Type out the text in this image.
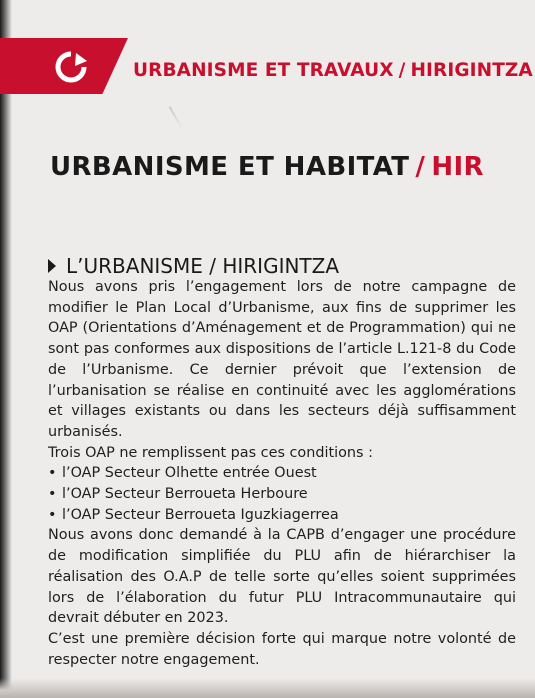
URBANISME ET TRAVAUX / HIRIGINTZA
URBANISME ET HABITAT / HIR
L’URBANISME / HIRIGINTZA

Nous avons pris l’engagement lors de notre campagne de modifier le Plan Local d’Urbanisme, aux fins de supprimer les OAP (Orientations d’Aménagement et de Programmation) qui ne sont pas conformes aux dispositions de l’article L.121-8 du Code de l’Urbanisme. Ce dernier prévoit que l’extension de l’urbanisation se réalise en continuité avec les agglomérations et villages existants ou dans les secteurs déjà suffisamment urbanisés.

Trois OAP ne remplissent pas ces conditions :

• l’OAP Secteur Olhette entrée Ouest
• l’OAP Secteur Berroueta Herboure
• l’OAP Secteur Berroueta Iguzkiagerrea

Nous avons donc demandé à la CAPB d’engager une procédure de modification simplifiée du PLU afin de hiérarchiser la réalisation des O.A.P de telle sorte qu’elles soient supprimées lors de l’élaboration du futur PLU Intracommunautaire qui devrait débuter en 2023.

C’est une première décision forte qui marque notre volonté de respecter notre engagement.
